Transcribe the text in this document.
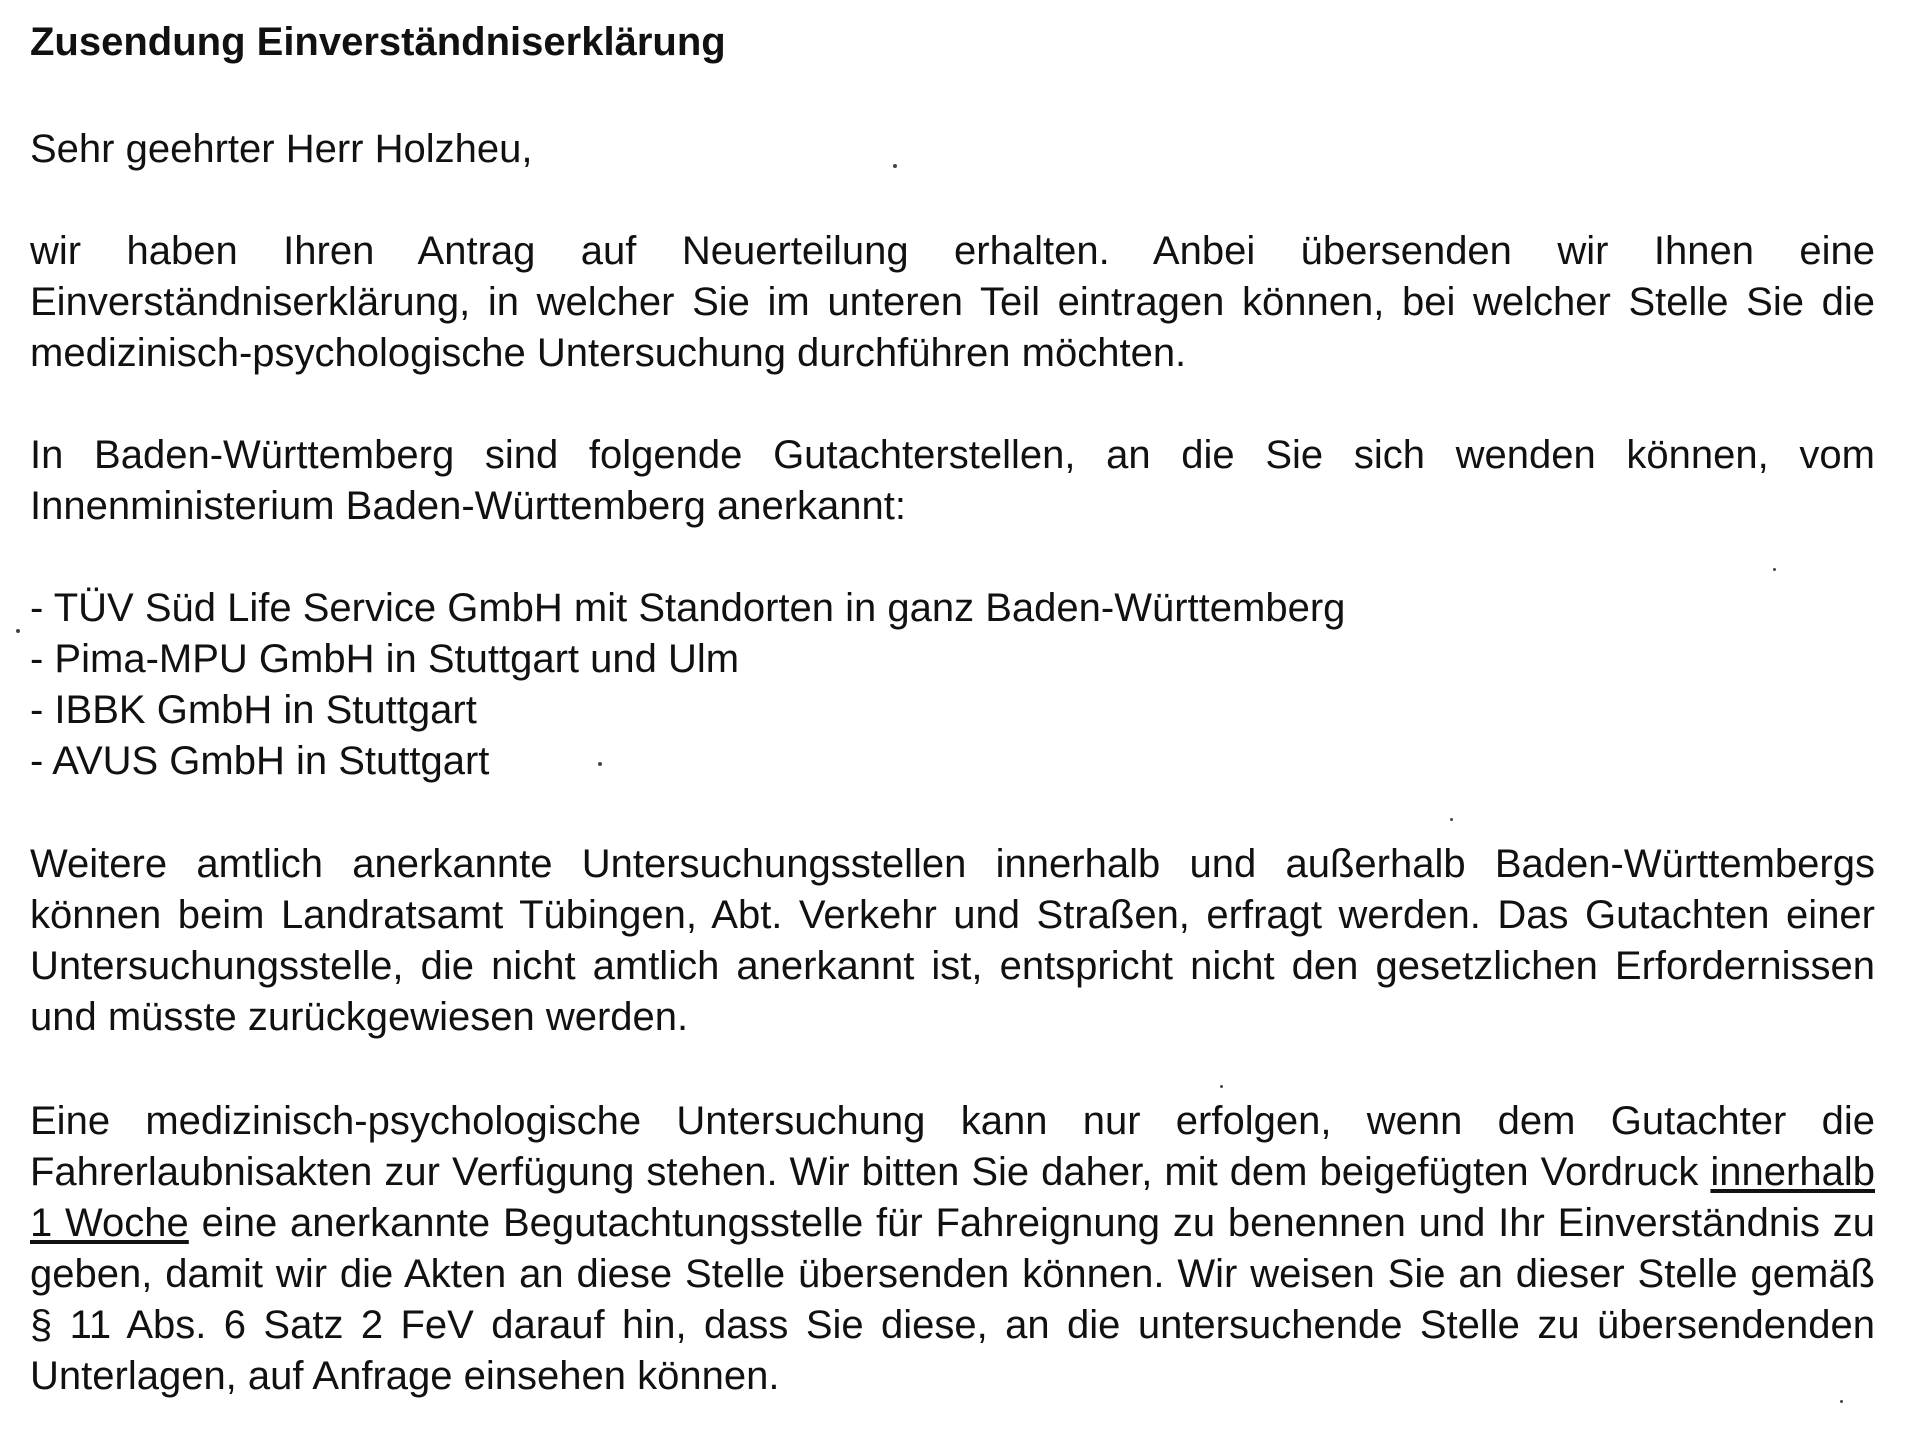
Zusendung Einverständniserklärung
Sehr geehrter Herr Holzheu,
wir haben Ihren Antrag auf Neuerteilung erhalten. Anbei übersenden wir Ihnen eine Einverständniserklärung, in welcher Sie im unteren Teil eintragen können, bei welcher Stelle Sie die medizinisch-psychologische Untersuchung durchführen möchten.
In Baden-Württemberg sind folgende Gutachterstellen, an die Sie sich wenden können, vom Innenministerium Baden-Württemberg anerkannt:
- TÜV Süd Life Service GmbH mit Standorten in ganz Baden-Württemberg
- Pima-MPU GmbH in Stuttgart und Ulm
- IBBK GmbH in Stuttgart
- AVUS GmbH in Stuttgart
Weitere amtlich anerkannte Untersuchungsstellen innerhalb und außerhalb Baden-Württembergs können beim Landratsamt Tübingen, Abt. Verkehr und Straßen, erfragt werden. Das Gutachten einer Untersuchungsstelle, die nicht amtlich anerkannt ist, entspricht nicht den gesetzlichen Erfordernissen und müsste zurückgewiesen werden.
Eine medizinisch-psychologische Untersuchung kann nur erfolgen, wenn dem Gutachter die Fahrerlaubnisakten zur Verfügung stehen. Wir bitten Sie daher, mit dem beigefügten Vordruck innerhalb 1 Woche eine anerkannte Begutachtungsstelle für Fahreignung zu benennen und Ihr Einverständnis zu geben, damit wir die Akten an diese Stelle übersenden können. Wir weisen Sie an dieser Stelle gemäß § 11 Abs. 6 Satz 2 FeV darauf hin, dass Sie diese, an die untersuchende Stelle zu übersendenden Unterlagen, auf Anfrage einsehen können.
